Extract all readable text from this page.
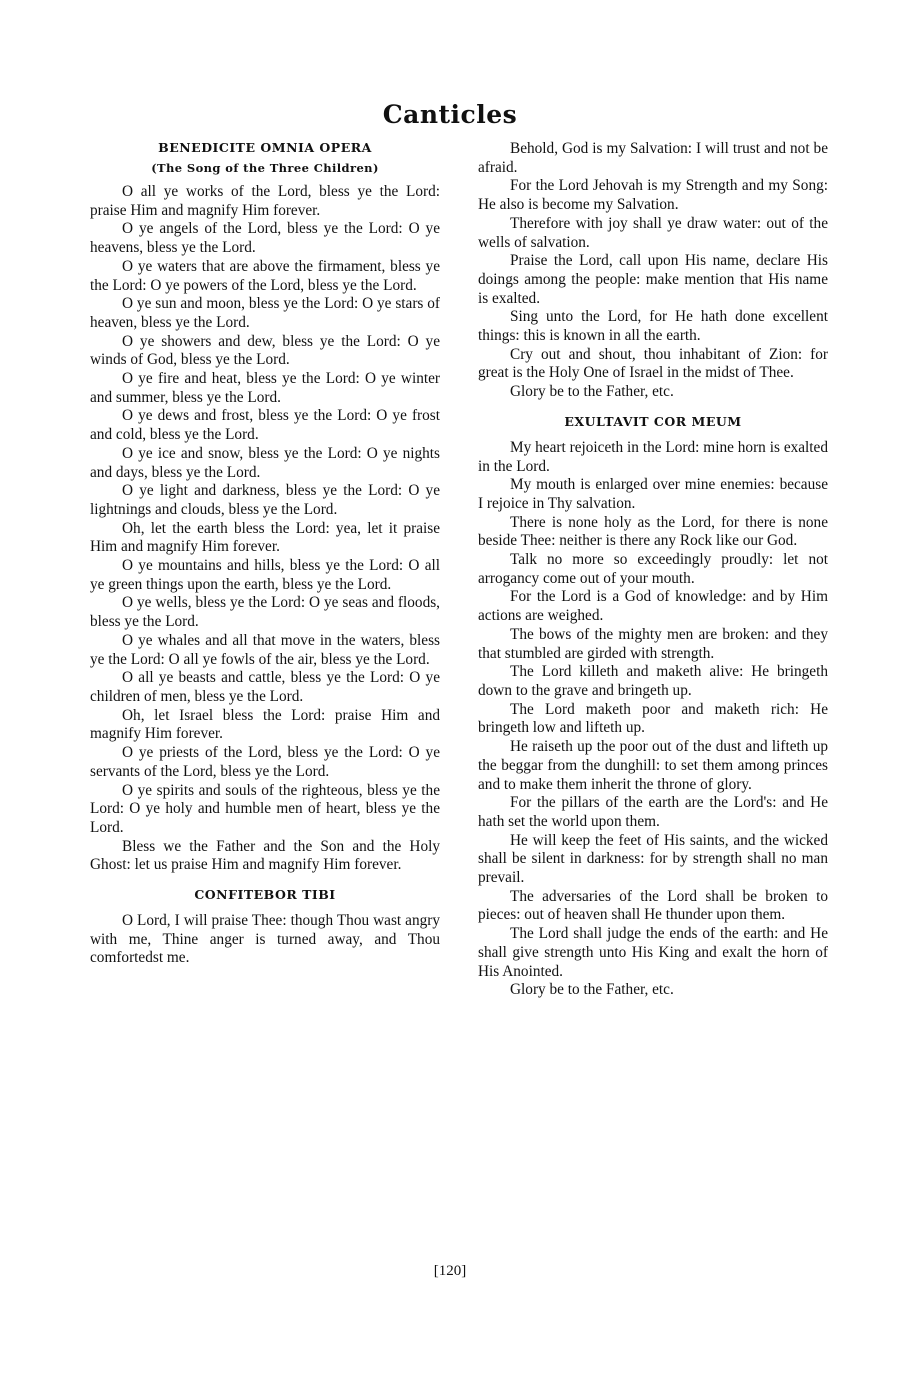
Canticles
BENEDICITE OMNIA OPERA
(The Song of the Three Children)

O all ye works of the Lord, bless ye the Lord: praise Him and magnify Him forever.

O ye angels of the Lord, bless ye the Lord: O ye heavens, bless ye the Lord.

O ye waters that are above the firmament, bless ye the Lord: O ye powers of the Lord, bless ye the Lord.

O ye sun and moon, bless ye the Lord: O ye stars of heaven, bless ye the Lord.

O ye showers and dew, bless ye the Lord: O ye winds of God, bless ye the Lord.

O ye fire and heat, bless ye the Lord: O ye winter and summer, bless ye the Lord.

O ye dews and frost, bless ye the Lord: O ye frost and cold, bless ye the Lord.

O ye ice and snow, bless ye the Lord: O ye nights and days, bless ye the Lord.

O ye light and darkness, bless ye the Lord: O ye lightnings and clouds, bless ye the Lord.

Oh, let the earth bless the Lord: yea, let it praise Him and magnify Him forever.

O ye mountains and hills, bless ye the Lord: O all ye green things upon the earth, bless ye the Lord.

O ye wells, bless ye the Lord: O ye seas and floods, bless ye the Lord.

O ye whales and all that move in the waters, bless ye the Lord: O all ye fowls of the air, bless ye the Lord.

O all ye beasts and cattle, bless ye the Lord: O ye children of men, bless ye the Lord.

Oh, let Israel bless the Lord: praise Him and magnify Him forever.

O ye priests of the Lord, bless ye the Lord: O ye servants of the Lord, bless ye the Lord.

O ye spirits and souls of the righteous, bless ye the Lord: O ye holy and humble men of heart, bless ye the Lord.

Bless we the Father and the Son and the Holy Ghost: let us praise Him and magnify Him forever.

CONFITEBOR TIBI

O Lord, I will praise Thee: though Thou wast angry with me, Thine anger is turned away, and Thou comfortedst me.

Behold, God is my Salvation: I will trust and not be afraid.

For the Lord Jehovah is my Strength and my Song: He also is become my Salvation.

Therefore with joy shall ye draw water: out of the wells of salvation.

Praise the Lord, call upon His name, declare His doings among the people: make mention that His name is exalted.

Sing unto the Lord, for He hath done excellent things: this is known in all the earth.

Cry out and shout, thou inhabitant of Zion: for great is the Holy One of Israel in the midst of Thee.

Glory be to the Father, etc.

EXULTAVIT COR MEUM

My heart rejoiceth in the Lord: mine horn is exalted in the Lord.

My mouth is enlarged over mine enemies: because I rejoice in Thy salvation.

There is none holy as the Lord, for there is none beside Thee: neither is there any Rock like our God.

Talk no more so exceedingly proudly: let not arrogancy come out of your mouth.

For the Lord is a God of knowledge: and by Him actions are weighed.

The bows of the mighty men are broken: and they that stumbled are girded with strength.

The Lord killeth and maketh alive: He bringeth down to the grave and bringeth up.

The Lord maketh poor and maketh rich: He bringeth low and lifteth up.

He raiseth up the poor out of the dust and lifteth up the beggar from the dunghill: to set them among princes and to make them inherit the throne of glory.

For the pillars of the earth are the Lord's: and He hath set the world upon them.

He will keep the feet of His saints, and the wicked shall be silent in darkness: for by strength shall no man prevail.

The adversaries of the Lord shall be broken to pieces: out of heaven shall He thunder upon them.

The Lord shall judge the ends of the earth: and He shall give strength unto His King and exalt the horn of His Anointed.

Glory be to the Father, etc.

[120]
